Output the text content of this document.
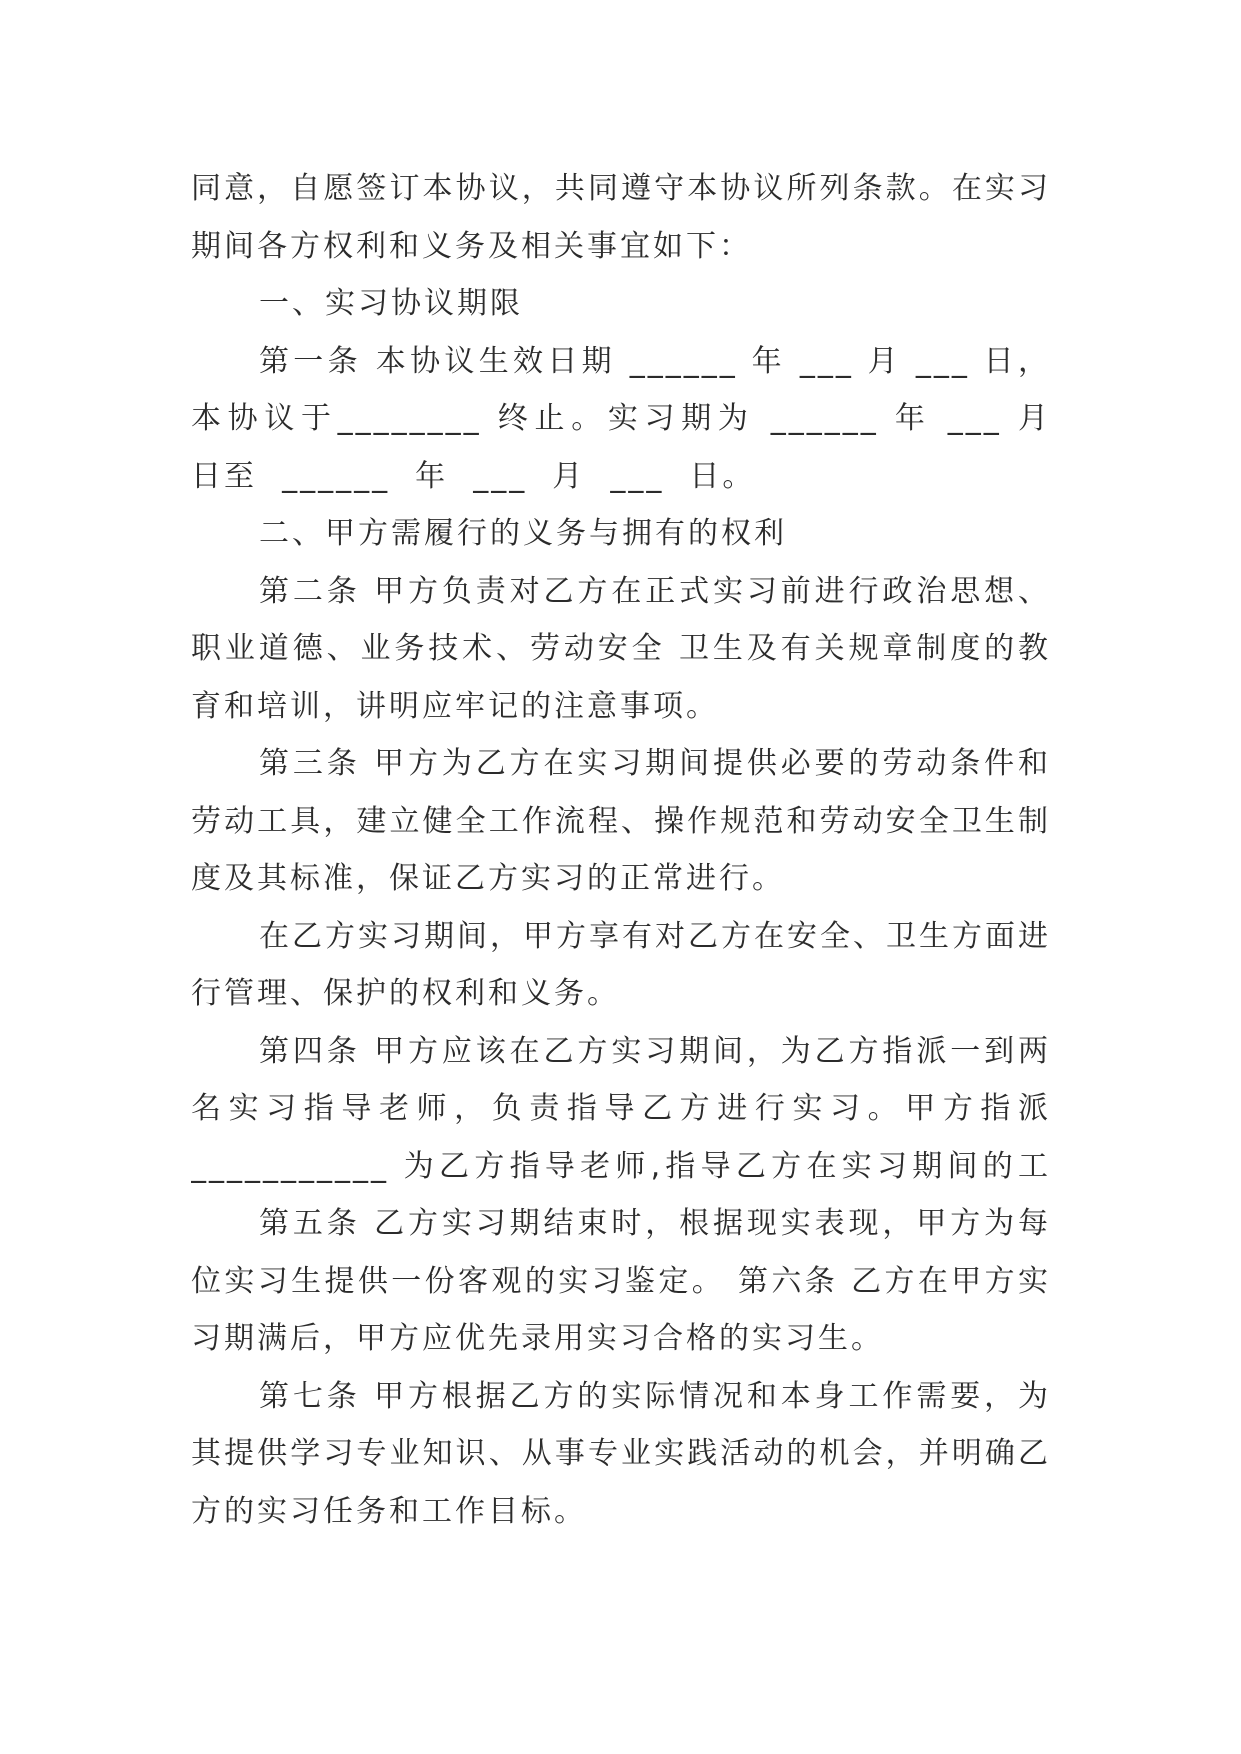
同意，自愿签订本协议，共同遵守本协议所列条款。在实习
期间各方权利和义务及相关事宜如下：
一、实习协议期限
第一条 本协议生效日期 ______ 年 ___ 月 ___ 日，
本协议于________ 终止。实习期为 ______ 年 ___ 月
日至  ______  年  ___  月  ___  日。
二、甲方需履行的义务与拥有的权利
第二条 甲方负责对乙方在正式实习前进行政治思想、
职业道德、业务技术、劳动安全 卫生及有关规章制度的教
育和培训，讲明应牢记的注意事项。
第三条 甲方为乙方在实习期间提供必要的劳动条件和
劳动工具，建立健全工作流程、操作规范和劳动安全卫生制
度及其标准，保证乙方实习的正常进行。
在乙方实习期间，甲方享有对乙方在安全、卫生方面进
行管理、保护的权利和义务。
第四条 甲方应该在乙方实习期间，为乙方指派一到两
名实习指导老师，负责指导乙方进行实习。甲方指派
___________ 为乙方指导老师,指导乙方在实习期间的工
第五条 乙方实习期结束时，根据现实表现，甲方为每
位实习生提供一份客观的实习鉴定。 第六条 乙方在甲方实
习期满后，甲方应优先录用实习合格的实习生。
第七条 甲方根据乙方的实际情况和本身工作需要，为
其提供学习专业知识、从事专业实践活动的机会，并明确乙
方的实习任务和工作目标。
